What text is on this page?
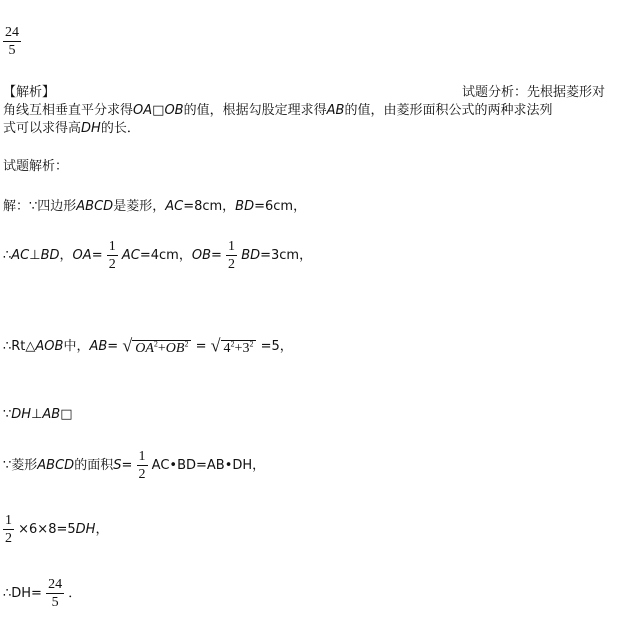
$\frac{24}{5}$
【解析】	试题分析：先根据菱形对
角线互相垂直平分求得OA□OB的值，根据勾股定理求得AB的值，由菱形面积公式的两种求法列
式可以求得高DH的长．
试题解析：
解：∵四边形ABCD是菱形，AC=8cm，BD=6cm，
∴AC⊥BD，$OA= \frac{1}{2} AC=4cm$，$OB= \frac{1}{2} BD=3cm$，
∴Rt△AOB中，AB= √ $OA^2+OB^2$ = √ $4^2+3^2 =5$，
∵DH⊥AB□
∵菱形ABCD的面积$S= \frac{1}{2}$ AC•BD=AB•DH，
$\frac{1}{2} \times 6\times 8=5DH$，
∴DH= $\frac{24}{5}$ ．
